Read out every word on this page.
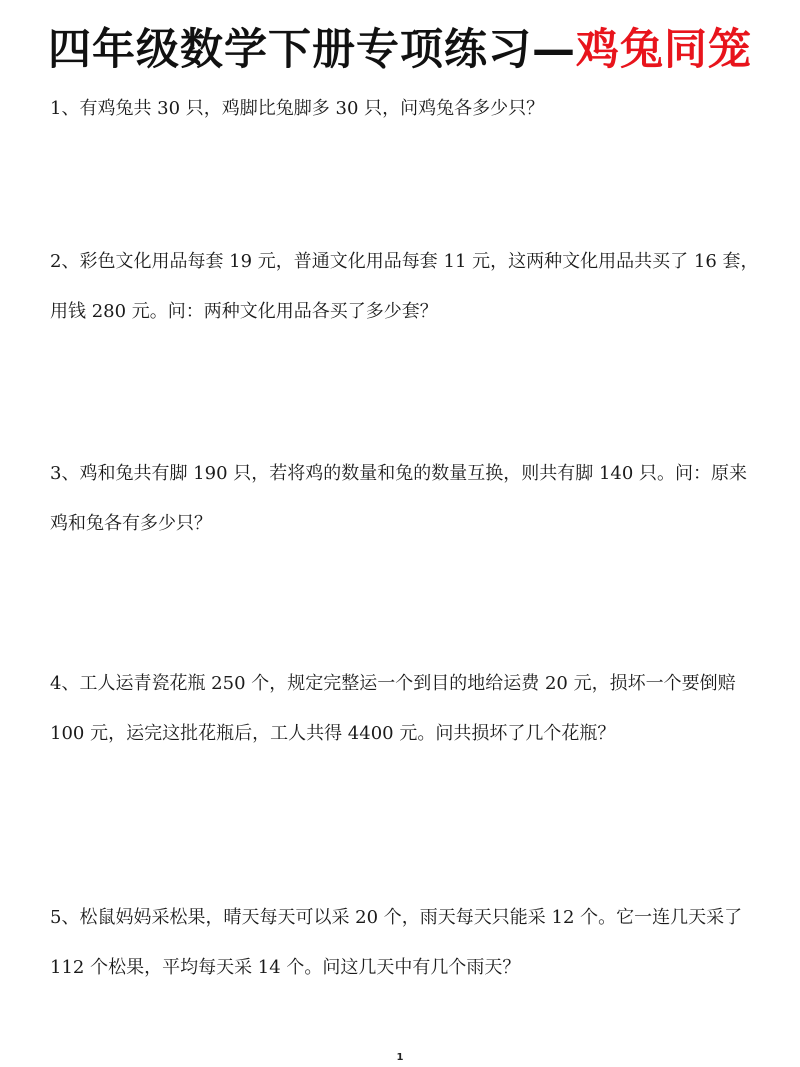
四年级数学下册专项练习—鸡兔同笼
1、有鸡兔共 30 只，鸡脚比兔脚多 30 只，问鸡兔各多少只？
2、彩色文化用品每套 19 元，普通文化用品每套 11 元，这两种文化用品共买了 16 套，用钱 280 元。问：两种文化用品各买了多少套？
3、鸡和兔共有脚 190 只，若将鸡的数量和兔的数量互换，则共有脚 140 只。问：原来鸡和兔各有多少只？
4、工人运青瓷花瓶 250 个，规定完整运一个到目的地给运费 20 元，损坏一个要倒赔 100 元，运完这批花瓶后，工人共得 4400 元。问共损坏了几个花瓶？
5、松鼠妈妈采松果，晴天每天可以采 20 个，雨天每天只能采 12 个。它一连几天采了 112 个松果，平均每天采 14 个。问这几天中有几个雨天？
1
